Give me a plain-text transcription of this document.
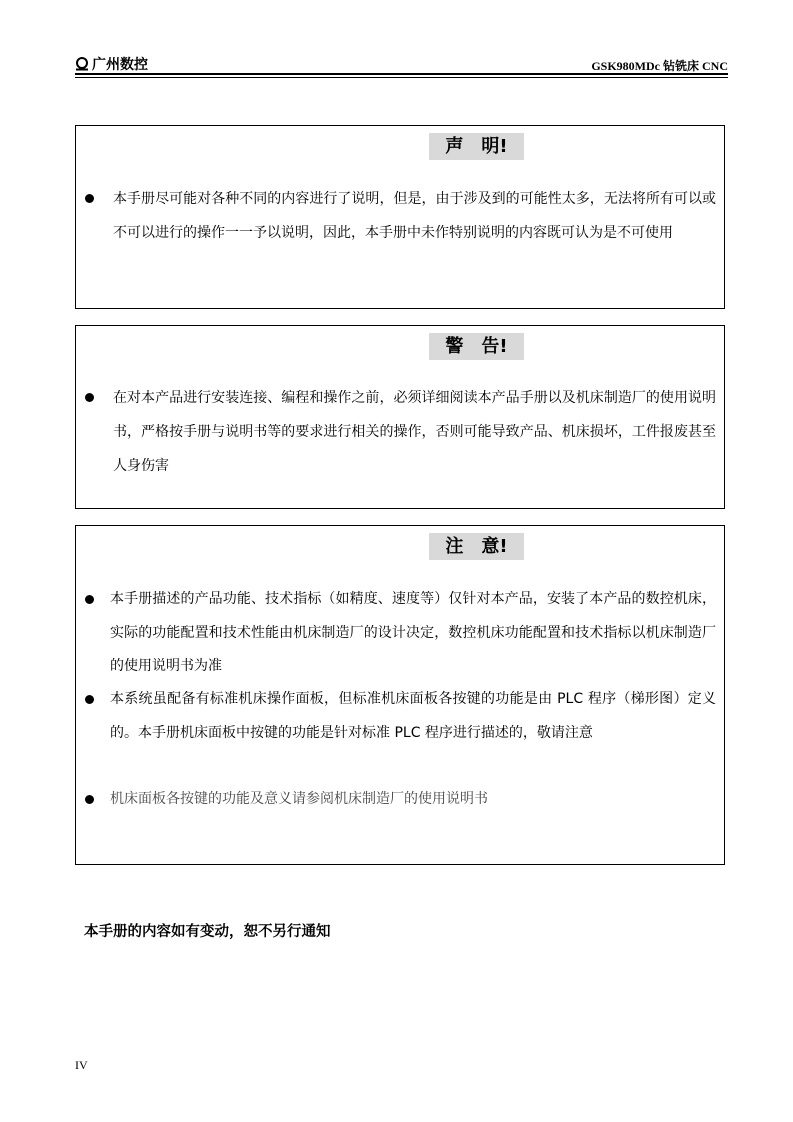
广州数控	GSK980MDc 钻铣床 CNC
声　明!
本手册尽可能对各种不同的内容进行了说明，但是，由于涉及到的可能性太多，无法将所有可以或不可以进行的操作一一予以说明，因此，本手册中未作特别说明的内容既可认为是不可使用
警　告!
在对本产品进行安装连接、编程和操作之前，必须详细阅读本产品手册以及机床制造厂的使用说明书，严格按手册与说明书等的要求进行相关的操作，否则可能导致产品、机床损坏，工件报废甚至人身伤害
注　意!
本手册描述的产品功能、技术指标（如精度、速度等）仅针对本产品，安装了本产品的数控机床，实际的功能配置和技术性能由机床制造厂的设计决定，数控机床功能配置和技术指标以机床制造厂的使用说明书为准
本系统虽配备有标准机床操作面板，但标准机床面板各按键的功能是由 PLC 程序（梯形图）定义的。本手册机床面板中按键的功能是针对标准 PLC 程序进行描述的，敬请注意
机床面板各按键的功能及意义请参阅机床制造厂的使用说明书
本手册的内容如有变动，恕不另行通知
IV
